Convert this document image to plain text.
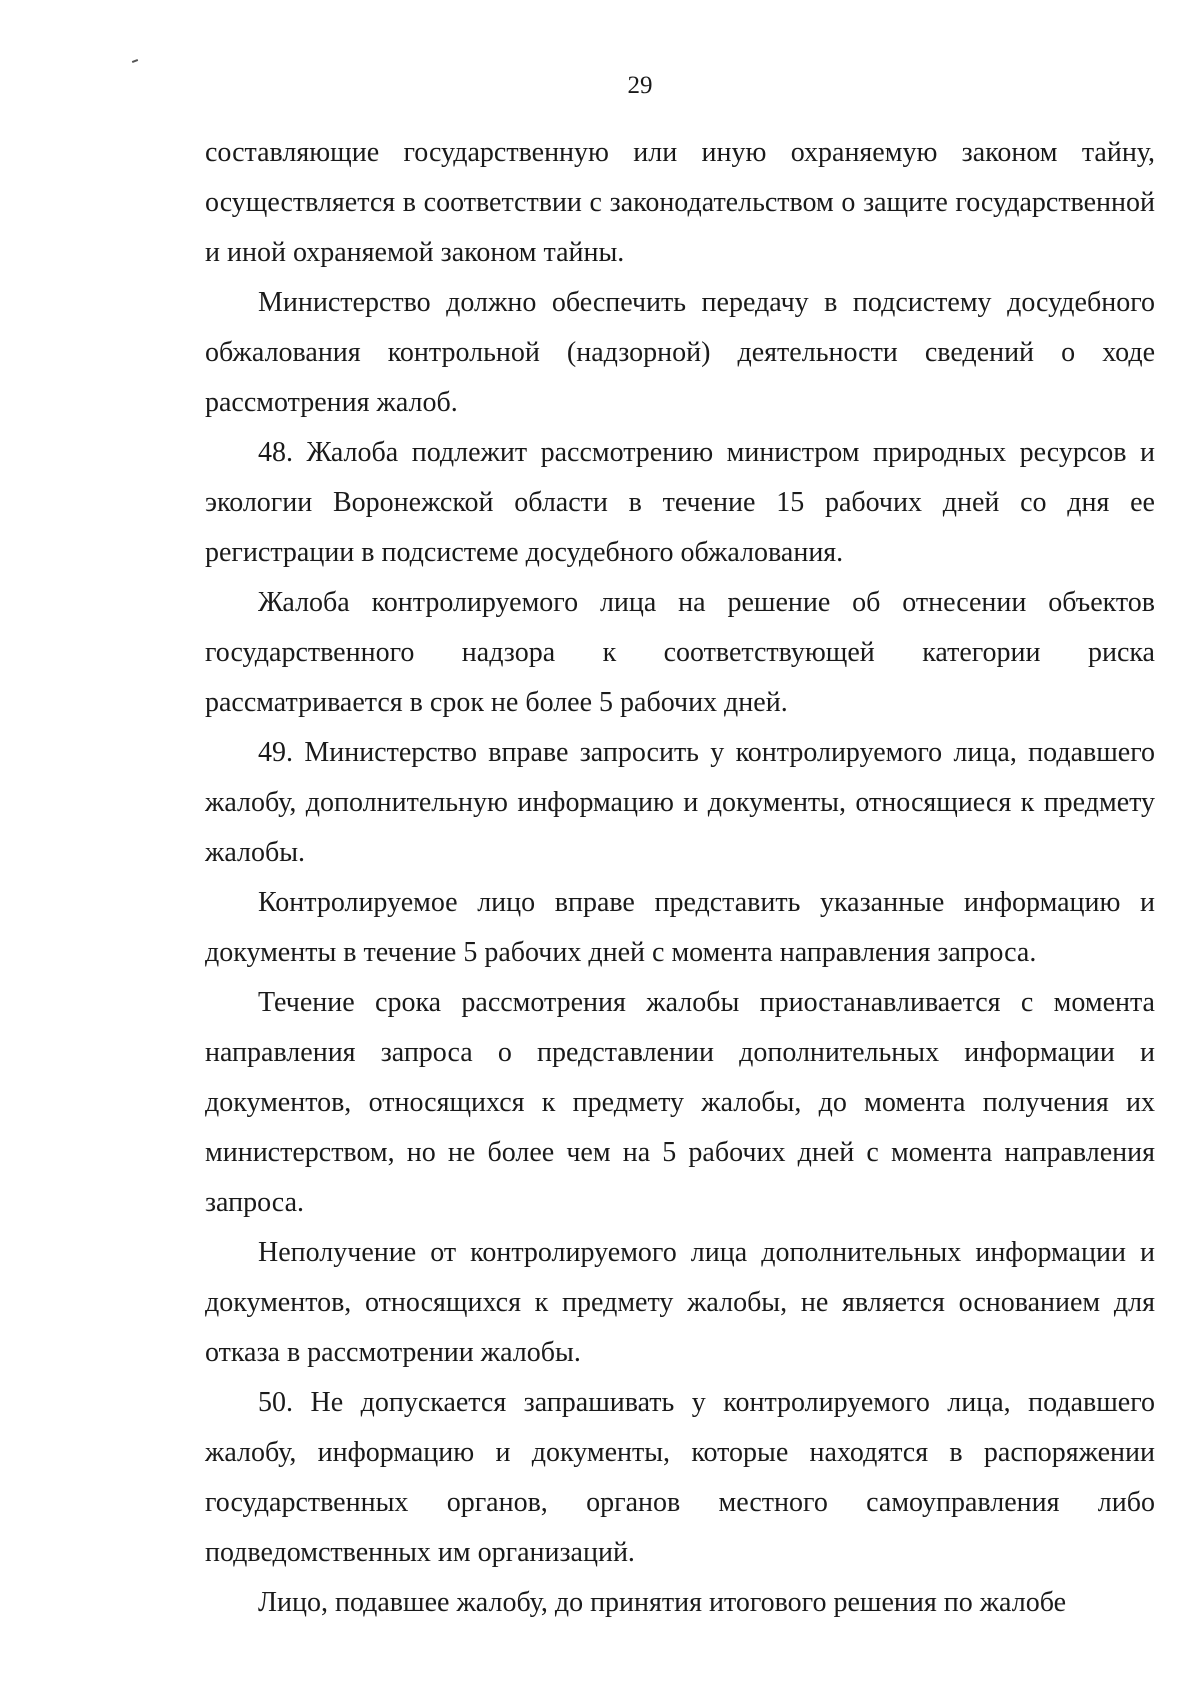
29

составляющие государственную или иную охраняемую законом тайну, осуществляется в соответствии с законодательством о защите государственной и иной охраняемой законом тайны.

Министерство должно обеспечить передачу в подсистему досудебного обжалования контрольной (надзорной) деятельности сведений о ходе рассмотрения жалоб.

48. Жалоба подлежит рассмотрению министром природных ресурсов и экологии Воронежской области в течение 15 рабочих дней со дня ее регистрации в подсистеме досудебного обжалования.

Жалоба контролируемого лица на решение об отнесении объектов государственного надзора к соответствующей категории риска рассматривается в срок не более 5 рабочих дней.

49. Министерство вправе запросить у контролируемого лица, подавшего жалобу, дополнительную информацию и документы, относящиеся к предмету жалобы.

Контролируемое лицо вправе представить указанные информацию и документы в течение 5 рабочих дней с момента направления запроса.

Течение срока рассмотрения жалобы приостанавливается с момента направления запроса о представлении дополнительных информации и документов, относящихся к предмету жалобы, до момента получения их министерством, но не более чем на 5 рабочих дней с момента направления запроса.

Неполучение от контролируемого лица дополнительных информации и документов, относящихся к предмету жалобы, не является основанием для отказа в рассмотрении жалобы.

50. Не допускается запрашивать у контролируемого лица, подавшего жалобу, информацию и документы, которые находятся в распоряжении государственных органов, органов местного самоуправления либо подведомственных им организаций.

Лицо, подавшее жалобу, до принятия итогового решения по жалобе
